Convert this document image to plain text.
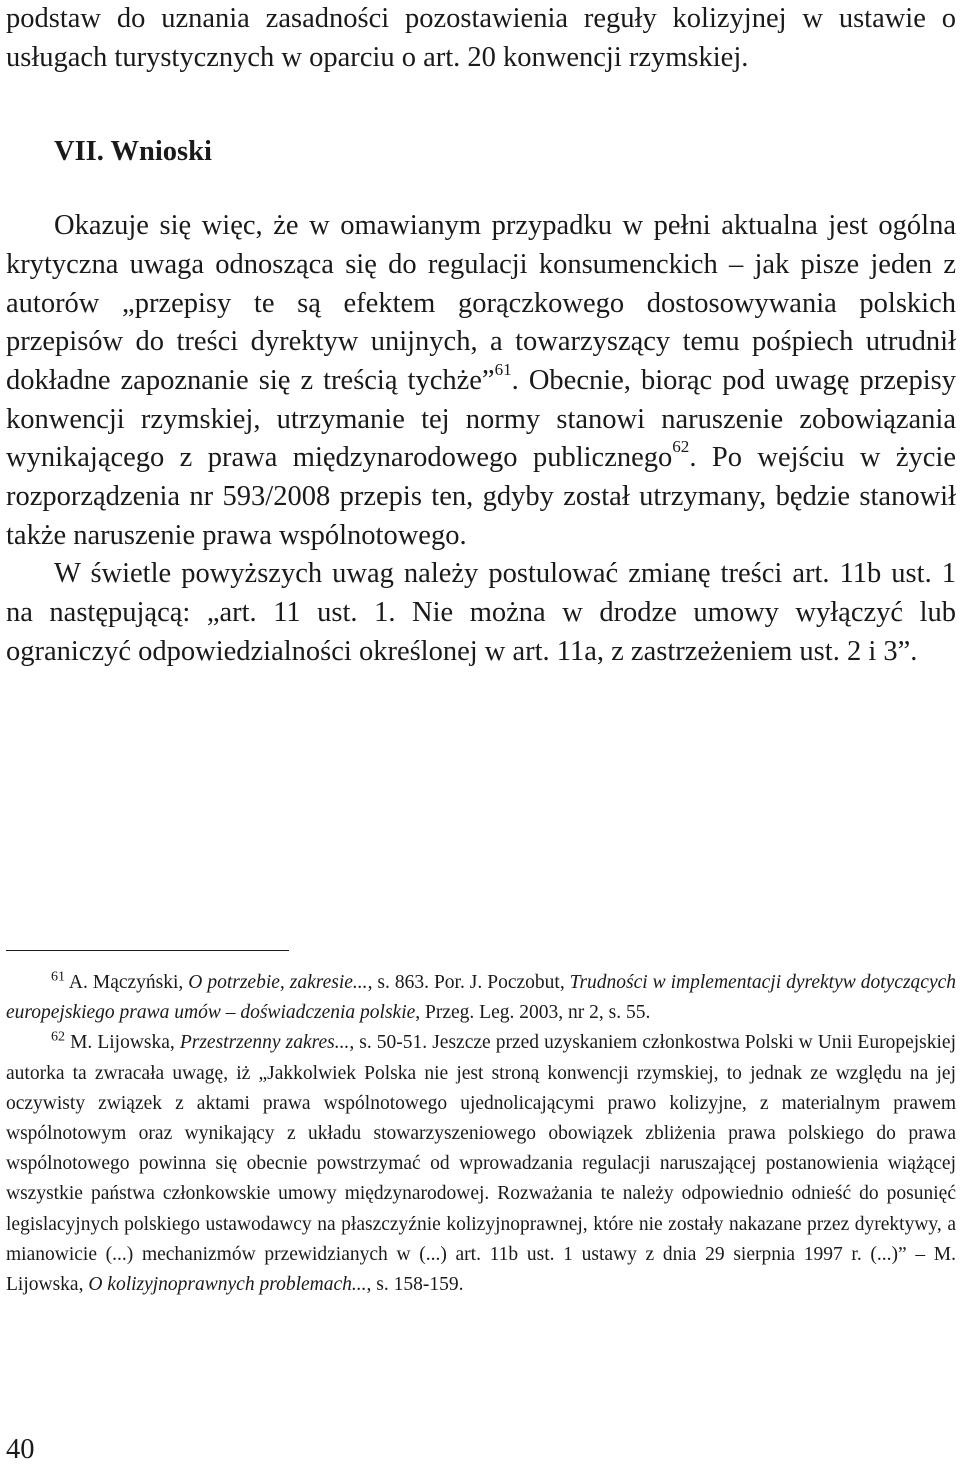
podstaw do uznania zasadności pozostawienia reguły kolizyjnej w ustawie o usługach turystycznych w oparciu o art. 20 konwencji rzymskiej.

VII. Wnioski

Okazuje się więc, że w omawianym przypadku w pełni aktualna jest ogólna krytyczna uwaga odnosząca się do regulacji konsumenckich – jak pisze jeden z autorów „przepisy te są efektem gorączkowego dostosowywania polskich przepisów do treści dyrektyw unijnych, a towarzyszący temu pośpiech utrudnił dokładne zapoznanie się z treścią tychże”$^{61}$. Obecnie, biorąc pod uwagę przepisy konwencji rzymskiej, utrzymanie tej normy stanowi naruszenie zobowiązania wynikającego z prawa międzynarodowego publicznego$^{62}$. Po wejściu w życie rozporządzenia nr 593/2008 przepis ten, gdyby został utrzymany, będzie stanowił także naruszenie prawa wspólnotowego.

W świetle powyższych uwag należy postulować zmianę treści art. 11b ust. 1 na następującą: „art. 11 ust. 1. Nie można w drodze umowy wyłączyć lub ograniczyć odpowiedzialności określonej w art. 11a, z zastrzeżeniem ust. 2 i 3”.

$^{61}$ A. Mączyński, O potrzebie, zakresie..., s. 863. Por. J. Poczobut, Trudności w implementacji dyrektyw dotyczących europejskiego prawa umów – doświadczenia polskie, Przeg. Leg. 2003, nr 2, s. 55.

$^{62}$ M. Lijowska, Przestrzenny zakres..., s. 50-51. Jeszcze przed uzyskaniem członkostwa Polski w Unii Europejskiej autorka ta zwracała uwagę, iż „Jakkolwiek Polska nie jest stroną konwencji rzymskiej, to jednak ze względu na jej oczywisty związek z aktami prawa wspólnotowego ujednolicającymi prawo kolizyjne, z materialnym prawem wspólnotowym oraz wynikający z układu stowarzyszeniowego obowiązek zbliżenia prawa polskiego do prawa wspólnotowego powinna się obecnie powstrzymać od wprowadzania regulacji naruszającej postanowienia wiążącej wszystkie państwa członkowskie umowy międzynarodowej. Rozważania te należy odpowiednio odnieść do posunięć legislacyjnych polskiego ustawodawcy na płaszczyźnie kolizyjnoprawnej, które nie zostały nakazane przez dyrektywy, a mianowicie (...) mechanizmów przewidzianych w (...) art. 11b ust. 1 ustawy z dnia 29 sierpnia 1997 r. (...)” – M. Lijowska, O kolizyjnoprawnych problemach..., s. 158-159.

40
